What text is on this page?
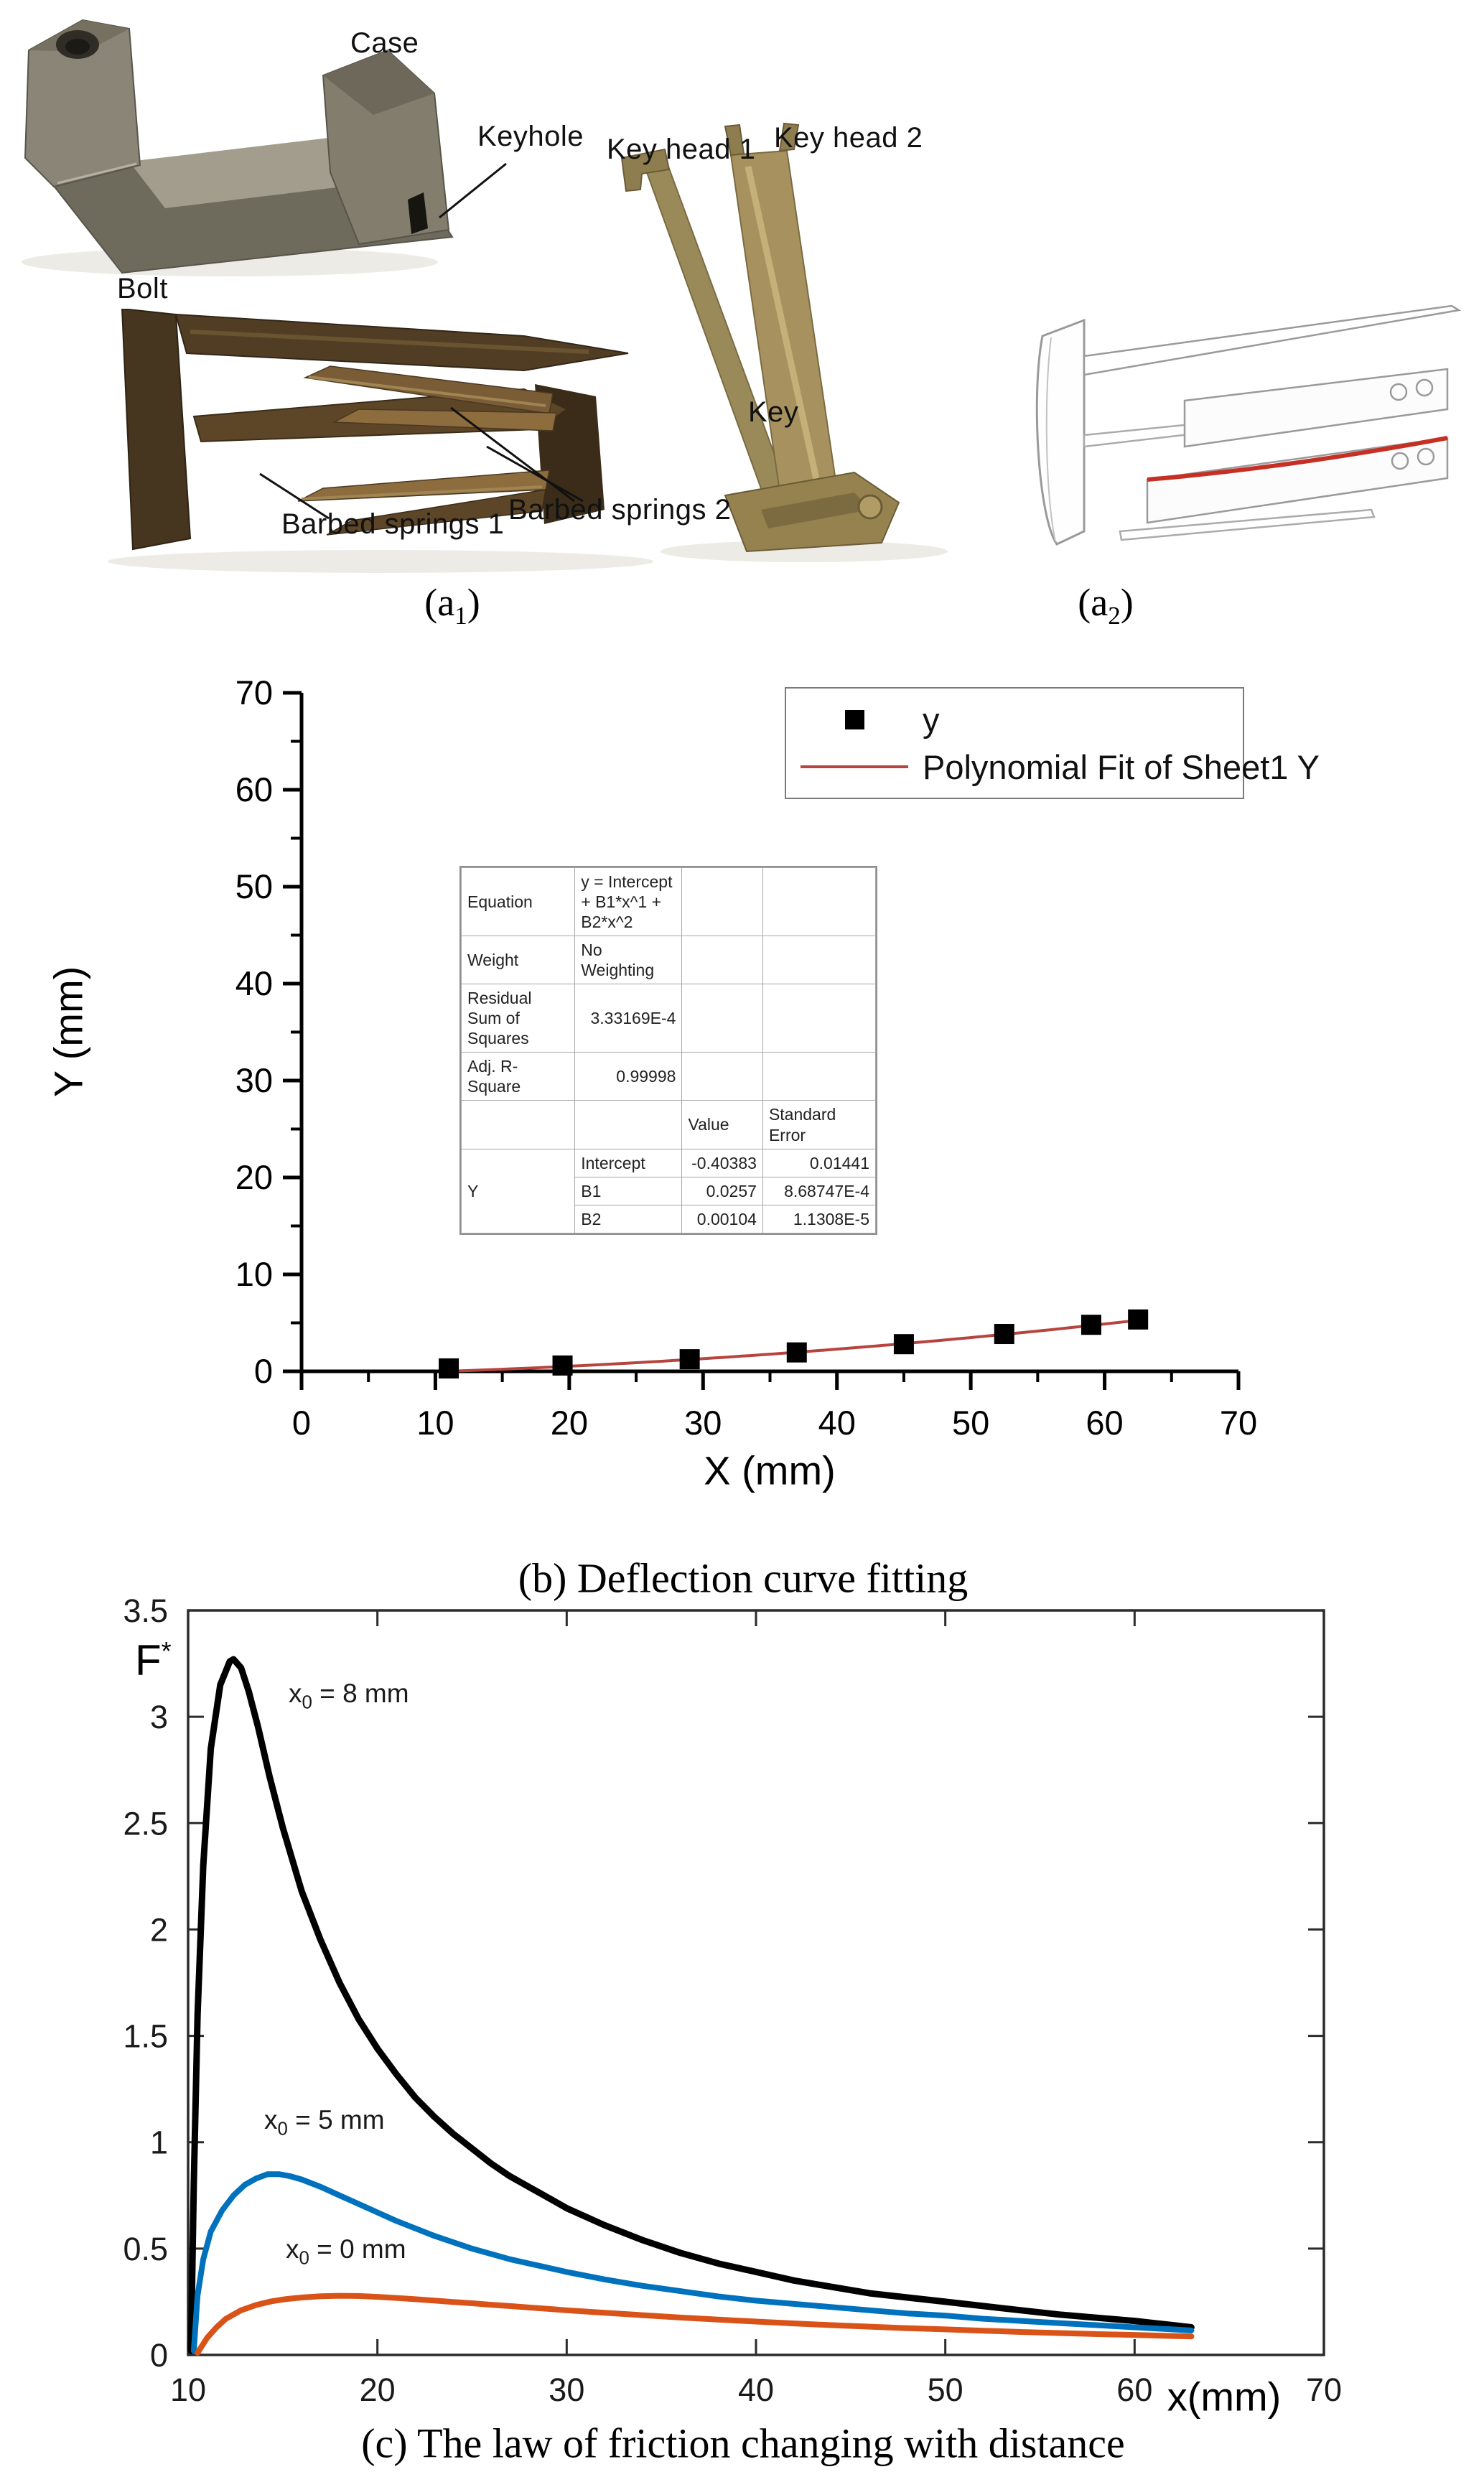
Case
Keyhole
Bolt
Barbed springs 1 Barbed springs 2
Key head 1 Key head 2
Key
$(a_1)$	$(a_2)$
0
10
20
30
40
50
60
70
0	10	20	30	40	50	60	70
10	20	30	40	50	60	70
0
0.5
1
1.5
2
2.5
3
3.5
Y (mm)
X (mm)
y
Polynomial Fit of Sheet1 Y
Equation	y = Intercept + B1*x^1 + B2*x^2		
Weight	No Weighting		
Residual Sum of Squares	3.33169E-4		
Adj. R-Square	0.99998		
		Value	Standard Error
Y	Intercept	-0.40383	0.01441
	B1	0.0257	8.68747E-4
	B2	0.00104	1.1308E-5
(b) Deflection curve fitting
F*
x(mm)
$x_0 = 8$ mm
$x_0 = 5$ mm
$x_0 = 0$ mm
(c) The law of friction changing with distance
